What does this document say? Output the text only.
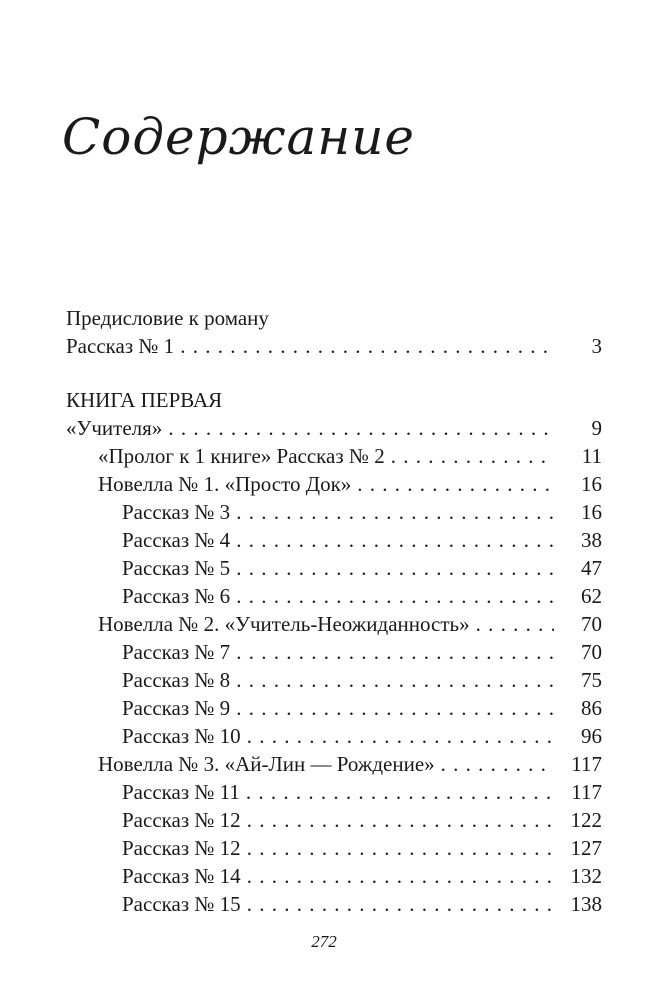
Содержание
Предисловие к роману
Рассказ № 1 . . .	3
КНИГА ПЕРВАЯ
«Учителя» . . .	9
«Пролог к 1 книге» Рассказ № 2 . . .	11
Новелла № 1. «Просто Док» . . .	16
Рассказ № 3 . . .	16
Рассказ № 4 . . .	38
Рассказ № 5 . . .	47
Рассказ № 6 . . .	62
Новелла № 2. «Учитель-Неожиданность» . . .	70
Рассказ № 7 . . .	70
Рассказ № 8 . . .	75
Рассказ № 9 . . .	86
Рассказ № 10 . . .	96
Новелла № 3. «Ай-Лин — Рождение» . . .	117
Рассказ № 11 . . .	117
Рассказ № 12 . . .	122
Рассказ № 12 . . .	127
Рассказ № 14 . . .	132
Рассказ № 15 . . .	138
272
